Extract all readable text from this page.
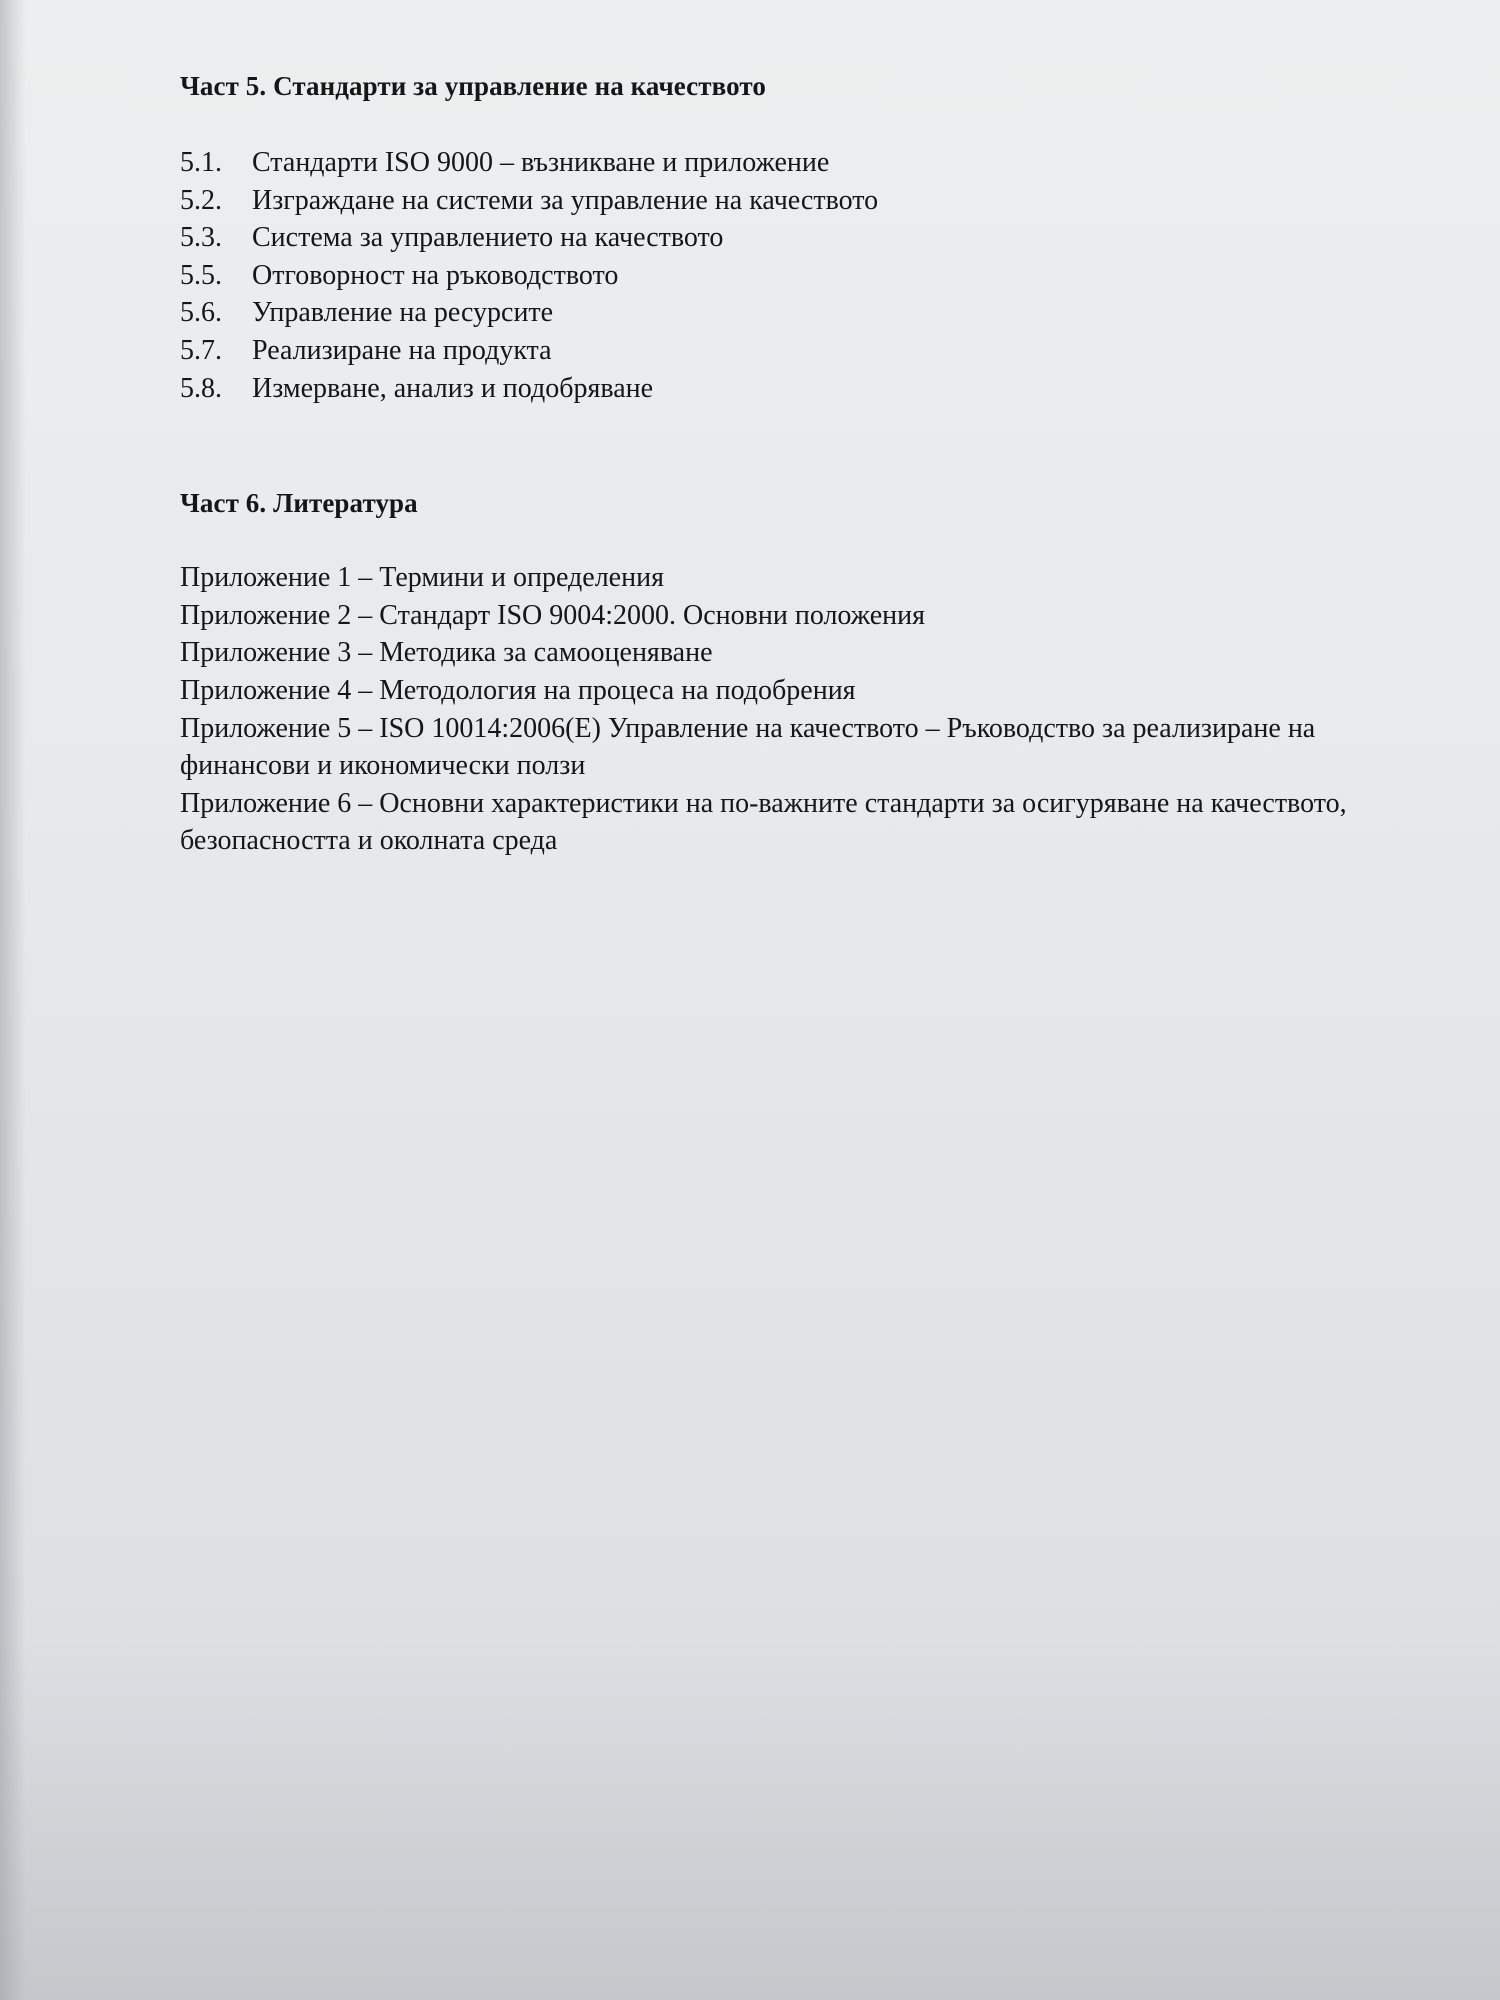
Част 5. Стандарти за управление на качеството
5.1.	Стандарти ISO 9000 – възникване и приложение
5.2.	Изграждане на системи за управление на качеството
5.3.	Система за управлението на качеството
5.5.	Отговорност на ръководството
5.6.	Управление на ресурсите
5.7.	Реализиране на продукта
5.8.	Измерване, анализ и подобряване
Част 6. Литература
Приложение 1 – Термини и определения
Приложение 2 – Стандарт ISO 9004:2000. Основни положения
Приложение 3 – Методика за самооценяване
Приложение 4 – Методология на процеса на подобрения
Приложение 5 – ISO 10014:2006(E) Управление на качеството – Ръководство за реализиране на финансови и икономически ползи
Приложение 6 – Основни характеристики на по-важните стандарти за осигуряване на качеството, безопасността и околната среда
